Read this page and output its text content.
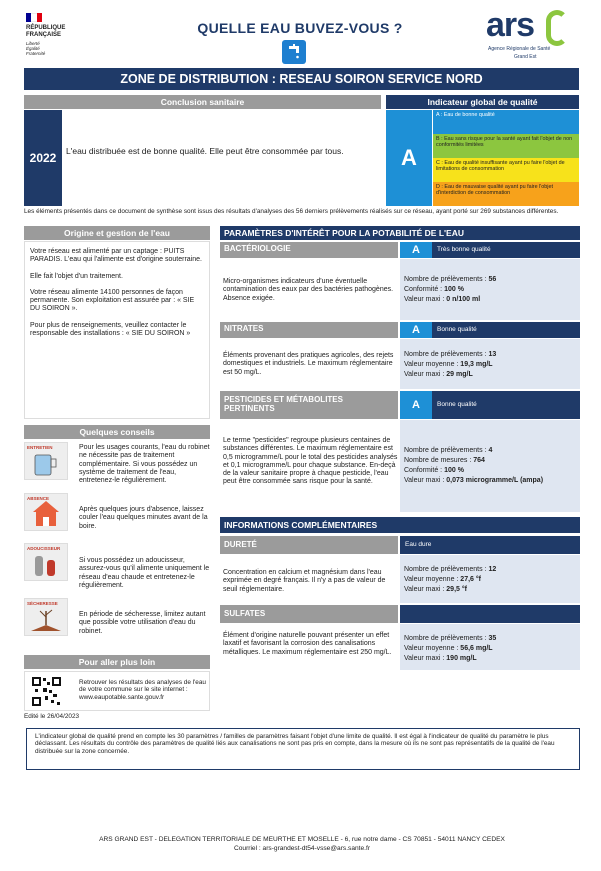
RÉPUBLIQUE
FRANÇAISE
Liberté
Égalité
Fraternité
QUELLE EAU BUVEZ-VOUS ?	ars
Agence Régionale de Santé
Grand Est
ZONE DE DISTRIBUTION : RESEAU SOIRON SERVICE NORD
Conclusion sanitaire
2022	L'eau distribuée est de bonne qualité. Elle peut être consommée par tous.
Indicateur global de qualité
A
A : Eau de bonne qualité
B : Eau sans risque pour la santé ayant fait l'objet de non conformités limitées
C : Eau de qualité insuffisante ayant pu faire l'objet de limitations de consommation
D : Eau de mauvaise qualité ayant pu faire l'objet d'interdiction de consommation
Les éléments présentés dans ce document de synthèse sont issus des résultats d'analyses des 56 derniers prélèvements réalisés sur ce réseau, ayant porté sur 269 substances différentes.
Origine et gestion de l'eau
Votre réseau est alimenté par un captage : PUITS PARADIS. L'eau qui l'alimente est d'origine souterraine.
Elle fait l'objet d'un traitement.
Votre réseau alimente 14100 personnes de façon permanente. Son exploitation est assurée par : « SIE DU SOIRON ».
Pour plus de renseignements, veuillez contacter le responsable des installations : « SIE DU SOIRON »
Quelques conseils
ENTRETIEN	Pour les usages courants, l'eau du robinet ne nécessite pas de traitement complémentaire. Si vous possédez un système de traitement de l'eau, entretenez-le régulièrement.
ABSENCE
Après quelques jours d'absence, laissez couler l'eau quelques minutes avant de la boire.
ADOUCISSEUR
Si vous possédez un adoucisseur, assurez-vous qu'il alimente uniquement le réseau d'eau chaude et entretenez-le régulièrement.
SÉCHERESSE
En période de sécheresse, limitez autant que possible votre utilisation d'eau du robinet.
Pour aller plus loin
Retrouver les résultats des analyses de l'eau de votre commune sur le site internet : www.eaupotable.sante.gouv.fr
Edité le 26/04/2023
PARAMÈTRES D'INTÉRÊT POUR LA POTABILITÉ DE L'EAU
BACTÉRIOLOGIE	A	Très bonne qualité
Micro-organismes indicateurs d'une éventuelle contamination des eaux par des bactéries pathogènes. Absence exigée.
Nombre de prélèvements : 56
Conformité : 100 %
Valeur maxi : 0 n/100 ml
NITRATES	A	Bonne qualité
Éléments provenant des pratiques agricoles, des rejets domestiques et industriels. Le maximum réglementaire est 50 mg/L.
Nombre de prélèvements : 13
Valeur moyenne : 19,3 mg/L
Valeur maxi : 29 mg/L
PESTICIDES ET MÉTABOLITES PERTINENTS	A	Bonne qualité
Le terme "pesticides" regroupe plusieurs centaines de substances différentes. Le maximum réglementaire est 0,5 microgramme/L pour le total des pesticides analysés et 0,1 microgramme/L pour chaque substance. En-deçà de la valeur sanitaire propre à chaque pesticide, l'eau peut être consommée sans risque pour la santé.
Nombre de prélèvements : 4
Nombre de mesures : 764
Conformité : 100 %
Valeur maxi : 0,073 microgramme/L (ampa)
INFORMATIONS COMPLÉMENTAIRES
DURETÉ	Eau dure
Concentration en calcium et magnésium dans l'eau exprimée en degré français. Il n'y a pas de valeur de seuil réglementaire.
Nombre de prélèvements : 12
Valeur moyenne : 27,6 °f
Valeur maxi : 29,5 °f
SULFATES
Élément d'origine naturelle pouvant présenter un effet laxatif et favorisant la corrosion des canalisations métalliques. Le maximum réglementaire est 250 mg/L.
Nombre de prélèvements : 35
Valeur moyenne : 56,6 mg/L
Valeur maxi : 190 mg/L
L'indicateur global de qualité prend en compte les 30 paramètres / familles de paramètres faisant l'objet d'une limite de qualité. Il est égal à l'indicateur de qualité du paramètre le plus déclassant. Les résultats du contrôle des paramètres de qualité liés aux canalisations ne sont pas pris en compte, dans la mesure où ils ne sont pas représentatifs de la qualité de l'eau distribuée sur la zone concernée.
ARS GRAND EST - DELEGATION TERRITORIALE DE MEURTHE ET MOSELLE - 6, rue notre dame - CS 70851 - 54011 NANCY CEDEX
Courriel : ars-grandest-dt54-vsse@ars.sante.fr
